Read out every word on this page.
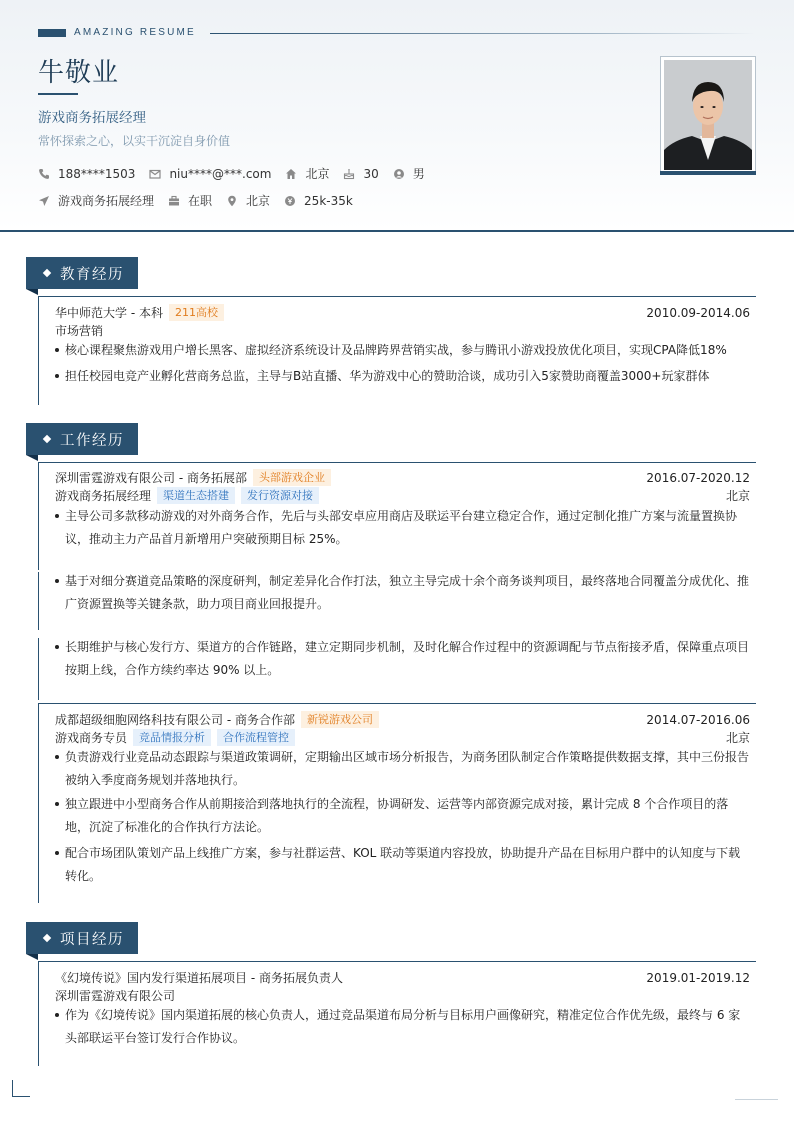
AMAZING RESUME
牛敬业
游戏商务拓展经理
常怀探索之心，以实干沉淀自身价值
188****1503	niu****@***.com	北京	30	男
游戏商务拓展经理	在职	北京	25k-35k
教育经历
华中师范大学 - 本科	211高校	2010.09-2014.06
市场营销
核心课程聚焦游戏用户增长黑客、虚拟经济系统设计及品牌跨界营销实战，参与腾讯小游戏投放优化项目，实现CPA降低18%
担任校园电竞产业孵化营商务总监，主导与B站直播、华为游戏中心的赞助洽谈，成功引入5家赞助商覆盖3000+玩家群体
工作经历
深圳雷霆游戏有限公司 - 商务拓展部	头部游戏企业	2016.07-2020.12
游戏商务拓展经理	渠道生态搭建	发行资源对接	北京
主导公司多款移动游戏的对外商务合作，先后与头部安卓应用商店及联运平台建立稳定合作，通过定制化推广方案与流量置换协议，推动主力产品首月新增用户突破预期目标 25%。
基于对细分赛道竞品策略的深度研判，制定差异化合作打法，独立主导完成十余个商务谈判项目，最终落地合同覆盖分成优化、推广资源置换等关键条款，助力项目商业回报提升。
长期维护与核心发行方、渠道方的合作链路，建立定期同步机制，及时化解合作过程中的资源调配与节点衔接矛盾，保障重点项目按期上线，合作方续约率达 90% 以上。
成都超级细胞网络科技有限公司 - 商务合作部	新锐游戏公司	2014.07-2016.06
游戏商务专员	竞品情报分析	合作流程管控	北京
负责游戏行业竞品动态跟踪与渠道政策调研，定期输出区域市场分析报告，为商务团队制定合作策略提供数据支撑，其中三份报告被纳入季度商务规划并落地执行。
独立跟进中小型商务合作从前期接洽到落地执行的全流程，协调研发、运营等内部资源完成对接，累计完成 8 个合作项目的落地，沉淀了标准化的合作执行方法论。
配合市场团队策划产品上线推广方案，参与社群运营、KOL 联动等渠道内容投放，协助提升产品在目标用户群中的认知度与下载转化。
项目经历
《幻境传说》国内发行渠道拓展项目 - 商务拓展负责人	2019.01-2019.12
深圳雷霆游戏有限公司
作为《幻境传说》国内渠道拓展的核心负责人，通过竞品渠道布局分析与目标用户画像研究，精准定位合作优先级，最终与 6 家头部联运平台签订发行合作协议。
